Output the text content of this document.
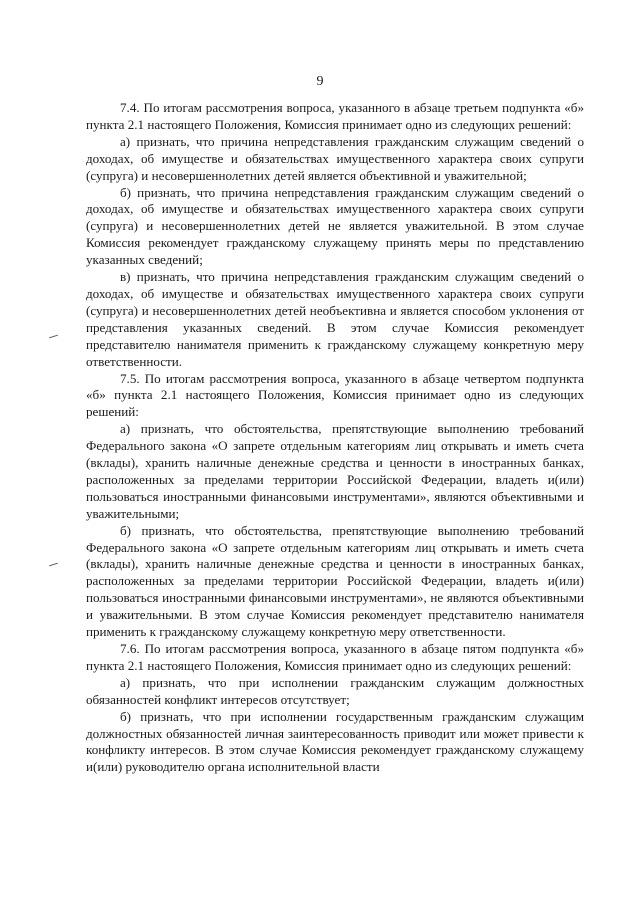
9

7.4. По итогам рассмотрения вопроса, указанного в абзаце третьем подпункта «б» пункта 2.1 настоящего Положения, Комиссия принимает одно из следующих решений:

а) признать, что причина непредставления гражданским служащим сведений о доходах, об имуществе и обязательствах имущественного характера своих супруги (супруга) и несовершеннолетних детей является объективной и уважительной;

б) признать, что причина непредставления гражданским служащим сведений о доходах, об имуществе и обязательствах имущественного характера своих супруги (супруга) и несовершеннолетних детей не является уважительной. В этом случае Комиссия рекомендует гражданскому служащему принять меры по представлению указанных сведений;

в) признать, что причина непредставления гражданским служащим сведений о доходах, об имуществе и обязательствах имущественного характера своих супруги (супруга) и несовершеннолетних детей необъективна и является способом уклонения от представления указанных сведений. В этом случае Комиссия рекомендует представителю нанимателя применить к гражданскому служащему конкретную меру ответственности.

7.5. По итогам рассмотрения вопроса, указанного в абзаце четвертом подпункта «б» пункта 2.1 настоящего Положения, Комиссия принимает одно из следующих решений:

а) признать, что обстоятельства, препятствующие выполнению требований Федерального закона «О запрете отдельным категориям лиц открывать и иметь счета (вклады), хранить наличные денежные средства и ценности в иностранных банках, расположенных за пределами территории Российской Федерации, владеть и(или) пользоваться иностранными финансовыми инструментами», являются объективными и уважительными;

б) признать, что обстоятельства, препятствующие выполнению требований Федерального закона «О запрете отдельным категориям лиц открывать и иметь счета (вклады), хранить наличные денежные средства и ценности в иностранных банках, расположенных за пределами территории Российской Федерации, владеть и(или) пользоваться иностранными финансовыми инструментами», не являются объективными и уважительными. В этом случае Комиссия рекомендует представителю нанимателя применить к гражданскому служащему конкретную меру ответственности.

7.6. По итогам рассмотрения вопроса, указанного в абзаце пятом подпункта «б» пункта 2.1 настоящего Положения, Комиссия принимает одно из следующих решений:

а) признать, что при исполнении гражданским служащим должностных обязанностей конфликт интересов отсутствует;

б) признать, что при исполнении государственным гражданским служащим должностных обязанностей личная заинтересованность приводит или может привести к конфликту интересов. В этом случае Комиссия рекомендует гражданскому служащему и(или) руководителю органа исполнительной власти
